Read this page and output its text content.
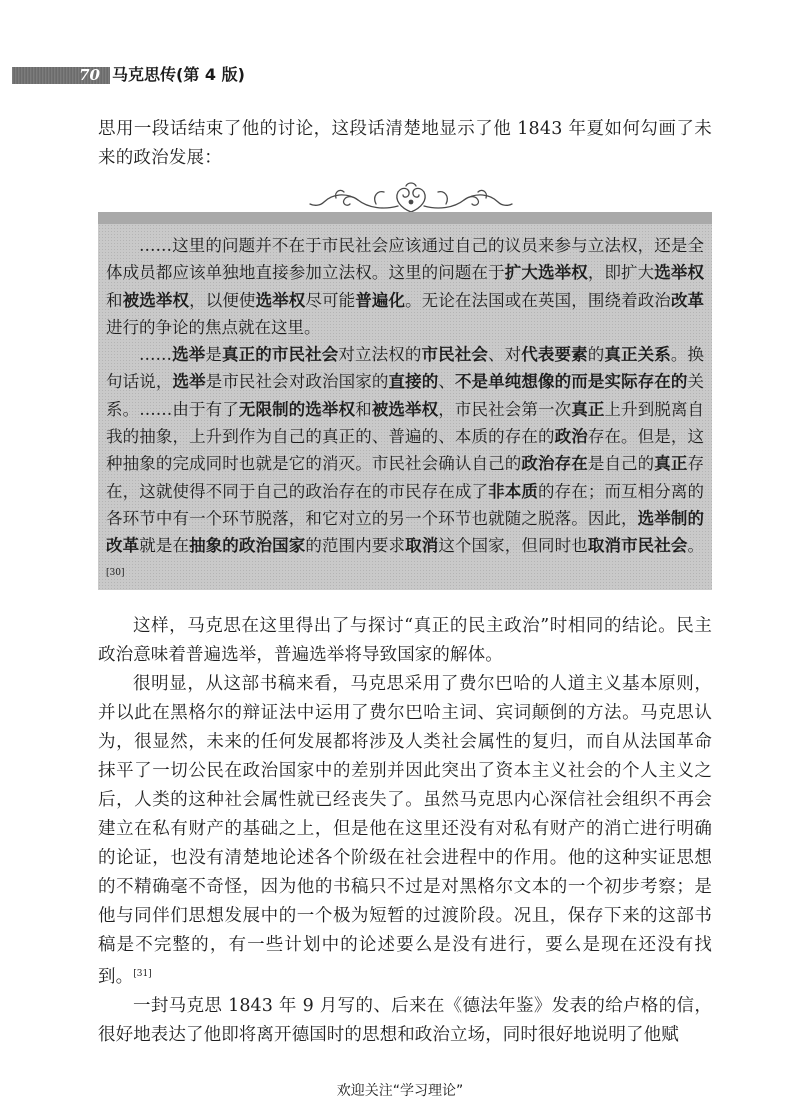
70 马克思传(第 4 版)

思用一段话结束了他的讨论，这段话清楚地显示了他 1843 年夏如何勾画了未来的政治发展：

……这里的问题并不在于市民社会应该通过自己的议员来参与立法权，还是全体成员都应该单独地直接参加立法权。这里的问题在于扩大选举权，即扩大选举权和被选举权，以便使选举权尽可能普遍化。无论在法国或在英国，围绕着政治改革进行的争论的焦点就在这里。

……选举是真正的市民社会对立法权的市民社会、对代表要素的真正关系。换句话说，选举是市民社会对政治国家的直接的、不是单纯想像的而是实际存在的关系。……由于有了无限制的选举权和被选举权，市民社会第一次真正上升到脱离自我的抽象，上升到作为自己的真正的、普遍的、本质的存在的政治存在。但是，这种抽象的完成同时也就是它的消灭。市民社会确认自己的政治存在是自己的真正存在，这就使得不同于自己的政治存在的市民存在成了非本质的存在；而互相分离的各环节中有一个环节脱落，和它对立的另一个环节也就随之脱落。因此，选举制的改革就是在抽象的政治国家的范围内要求取消这个国家，但同时也取消市民社会。[30]

这样，马克思在这里得出了与探讨“真正的民主政治”时相同的结论。民主政治意味着普遍选举，普遍选举将导致国家的解体。

很明显，从这部书稿来看，马克思采用了费尔巴哈的人道主义基本原则，并以此在黑格尔的辩证法中运用了费尔巴哈主词、宾词颠倒的方法。马克思认为，很显然，未来的任何发展都将涉及人类社会属性的复归，而自从法国革命抹平了一切公民在政治国家中的差别并因此突出了资本主义社会的个人主义之后，人类的这种社会属性就已经丧失了。虽然马克思内心深信社会组织不再会建立在私有财产的基础之上，但是他在这里还没有对私有财产的消亡进行明确的论证，也没有清楚地论述各个阶级在社会进程中的作用。他的这种实证思想的不精确毫不奇怪，因为他的书稿只不过是对黑格尔文本的一个初步考察；是他与同伴们思想发展中的一个极为短暂的过渡阶段。况且，保存下来的这部书稿是不完整的，有一些计划中的论述要么是没有进行，要么是现在还没有找到。[31]

一封马克思 1843 年 9 月写的、后来在《德法年鉴》发表的给卢格的信，很好地表达了他即将离开德国时的思想和政治立场，同时很好地说明了他赋

欢迎关注“学习理论”
